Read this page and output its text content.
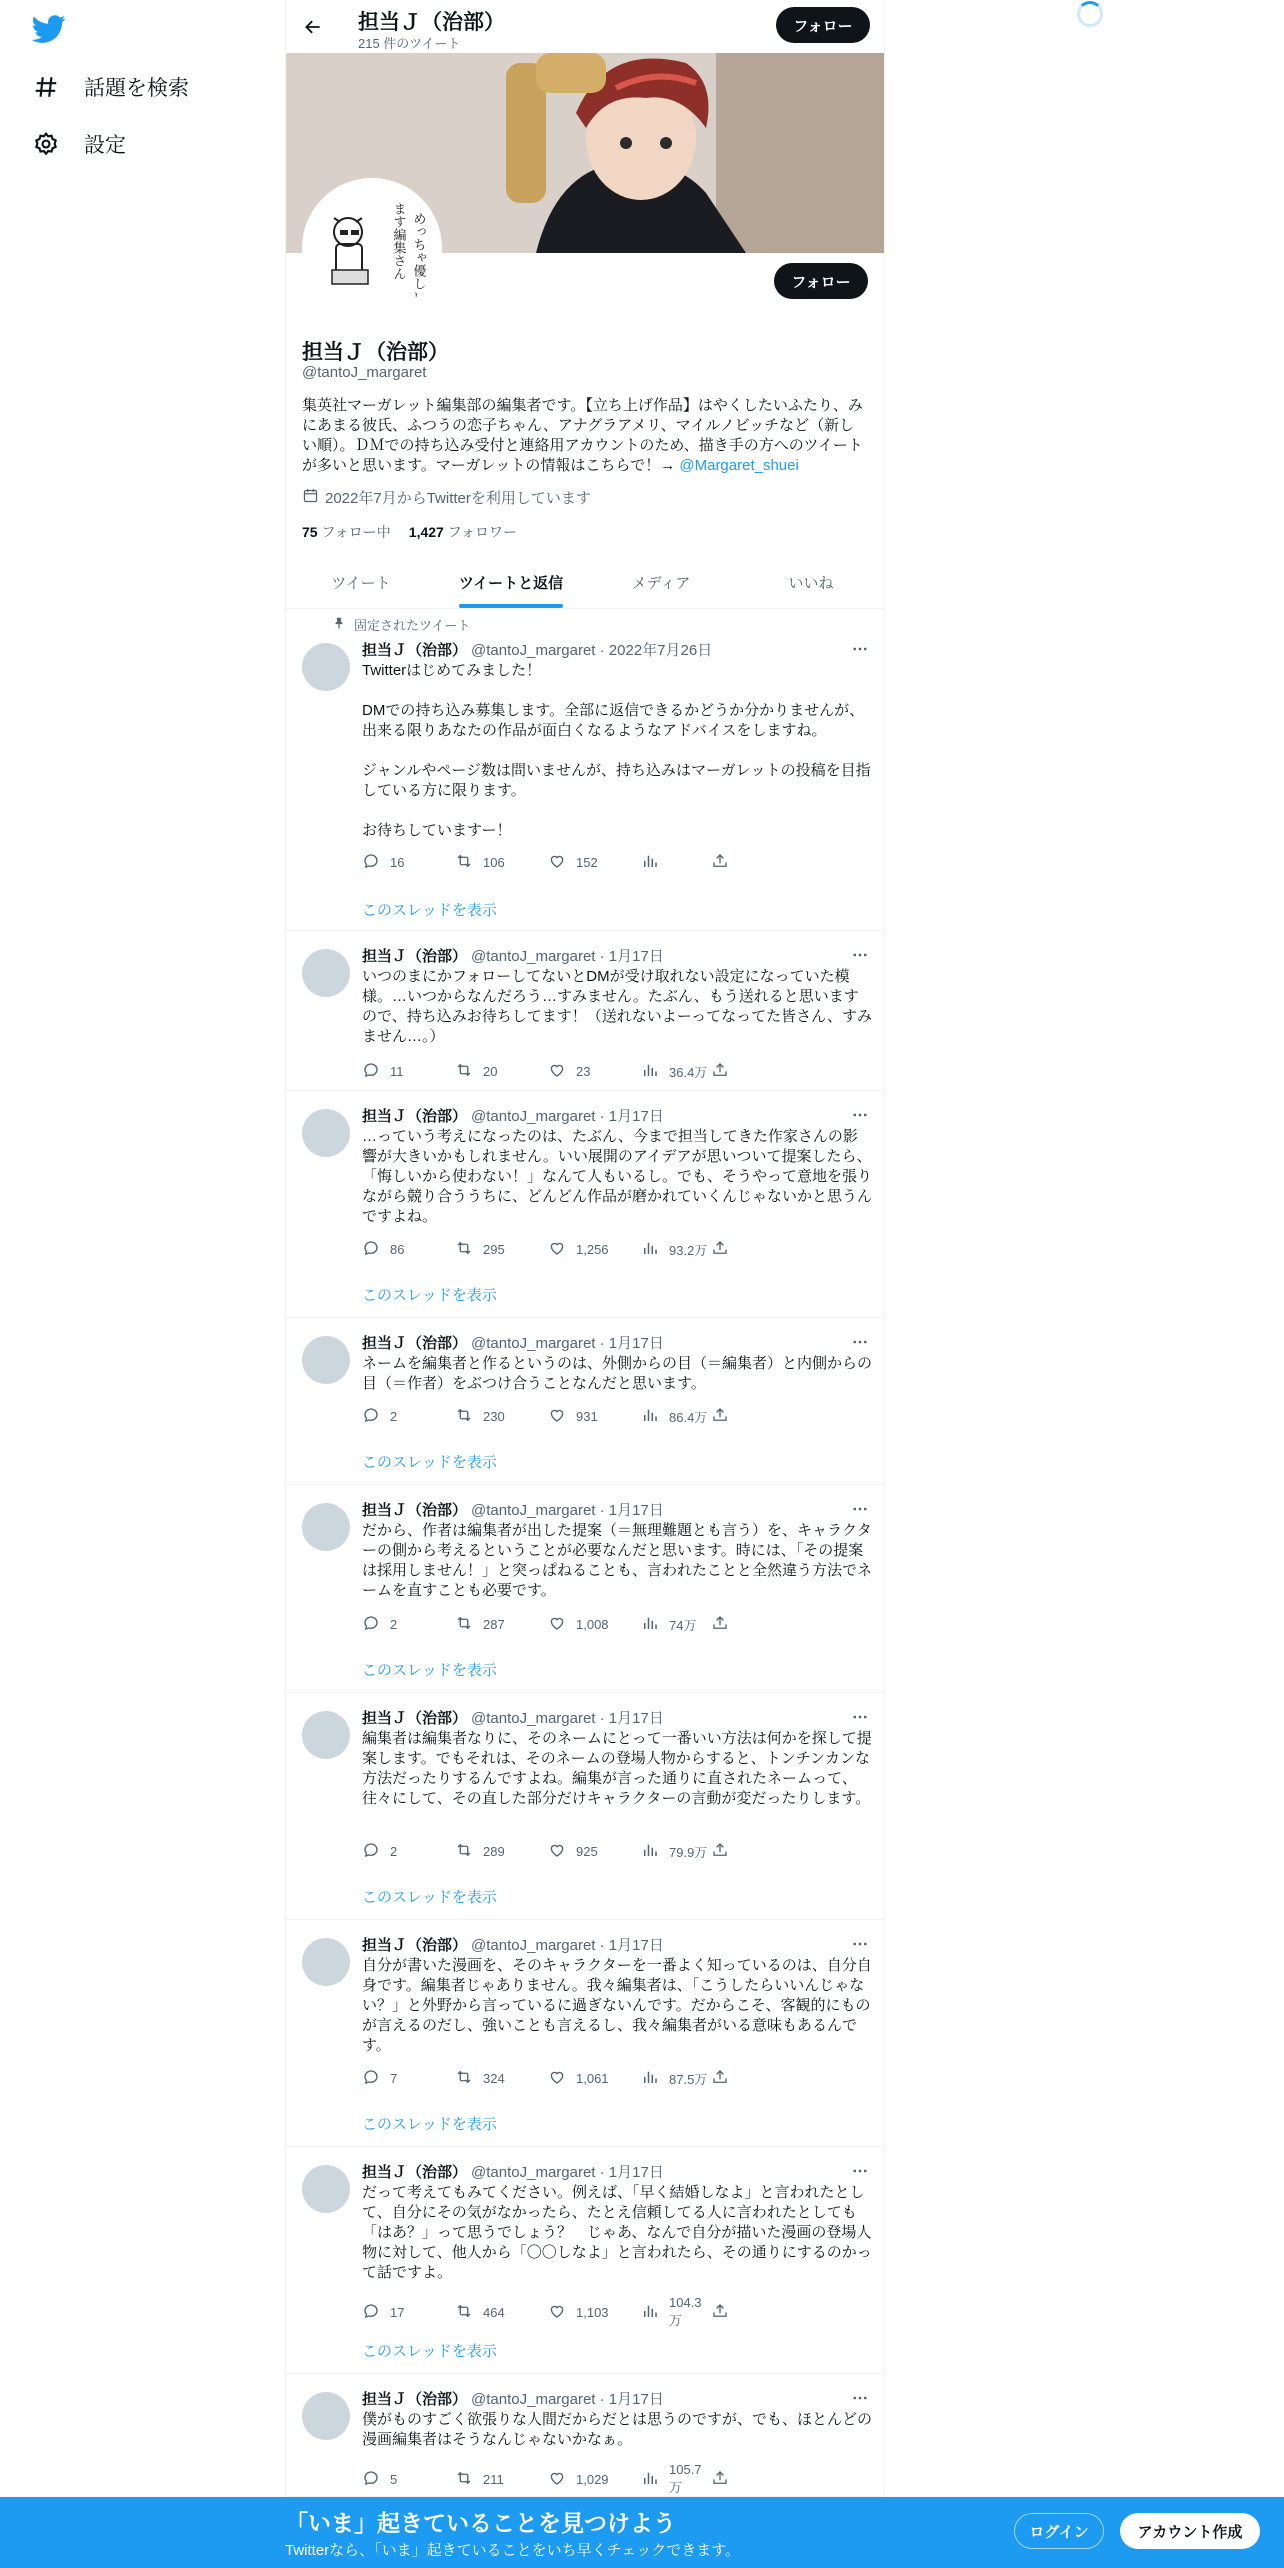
話題を検索
設定
担当Ｊ（治部）
215 件のツイート
フォロー
ます編集さん めっちゃ優しい	フォロー
担当Ｊ（治部）
@tantoJ_margaret
集英社マーガレット編集部の編集者です。【立ち上げ作品】はやくしたいふたり、みにあまる彼氏、ふつうの恋子ちゃん、アナグラアメリ、マイルノビッチなど（新しい順）。ＤＭでの持ち込み受付と連絡用アカウントのため、描き手の方へのツイートが多いと思います。マーガレットの情報はこちらで！→ @Margaret_shuei
2022年7月からTwitterを利用しています
75 フォロー中 1,427 フォロワー
ツイート	ツイートと返信	メディア	いいね
固定されたツイート
担当Ｊ（治部） @tantoJ_margaret · 2022年7月26日
Twitterはじめてみました！

DMでの持ち込み募集します。全部に返信できるかどうか分かりませんが、出来る限りあなたの作品が面白くなるようなアドバイスをしますね。

ジャンルやページ数は問いませんが、持ち込みはマーガレットの投稿を目指している方に限ります。

お待ちしていますー！
16	106	152
このスレッドを表示
担当Ｊ（治部） @tantoJ_margaret · 1月17日
いつのまにかフォローしてないとDMが受け取れない設定になっていた模様。…いつからなんだろう…すみません。たぶん、もう送れると思いますので、持ち込みお待ちしてます！（送れないよーってなってた皆さん、すみません…。）
11	20	23	36.4万
担当Ｊ（治部） @tantoJ_margaret · 1月17日
…っていう考えになったのは、たぶん、今まで担当してきた作家さんの影響が大きいかもしれません。いい展開のアイデアが思いついて提案したら、「悔しいから使わない！」なんて人もいるし。でも、そうやって意地を張りながら競り合ううちに、どんどん作品が磨かれていくんじゃないかと思うんですよね。
86	295	1,256	93.2万
このスレッドを表示
担当Ｊ（治部） @tantoJ_margaret · 1月17日
ネームを編集者と作るというのは、外側からの目（＝編集者）と内側からの目（＝作者）をぶつけ合うことなんだと思います。
2	230	931	86.4万
このスレッドを表示
担当Ｊ（治部） @tantoJ_margaret · 1月17日
だから、作者は編集者が出した提案（＝無理難題とも言う）を、キャラクターの側から考えるということが必要なんだと思います。時には、「その提案は採用しません！」と突っぱねることも、言われたことと全然違う方法でネームを直すことも必要です。
2	287	1,008	74万
このスレッドを表示
担当Ｊ（治部） @tantoJ_margaret · 1月17日
編集者は編集者なりに、そのネームにとって一番いい方法は何かを探して提案します。でもそれは、そのネームの登場人物からすると、トンチンカンな方法だったりするんですよね。編集が言った通りに直されたネームって、往々にして、その直した部分だけキャラクターの言動が変だったりします。
2	289	925	79.9万
このスレッドを表示
担当Ｊ（治部） @tantoJ_margaret · 1月17日
自分が書いた漫画を、そのキャラクターを一番よく知っているのは、自分自身です。編集者じゃありません。我々編集者は、「こうしたらいいんじゃない？」と外野から言っているに過ぎないんです。だからこそ、客観的にものが言えるのだし、強いことも言えるし、我々編集者がいる意味もあるんです。
7	324	1,061	87.5万
このスレッドを表示
担当Ｊ（治部） @tantoJ_margaret · 1月17日
だって考えてもみてください。例えば、「早く結婚しなよ」と言われたとして、自分にその気がなかったら、たとえ信頼してる人に言われたとしても「はあ？」って思うでしょう？　じゃあ、なんで自分が描いた漫画の登場人物に対して、他人から「〇〇しなよ」と言われたら、その通りにするのかって話ですよ。
17	464	1,103
104.3万
このスレッドを表示
担当Ｊ（治部） @tantoJ_margaret · 1月17日
僕がものすごく欲張りな人間だからだとは思うのですが、でも、ほとんどの漫画編集者はそうなんじゃないかなぁ。
5	211	1,029
105.7万
「いま」起きていることを見つけよう
Twitterなら、「いま」起きていることをいち早くチェックできます。
ログイン	アカウント作成
